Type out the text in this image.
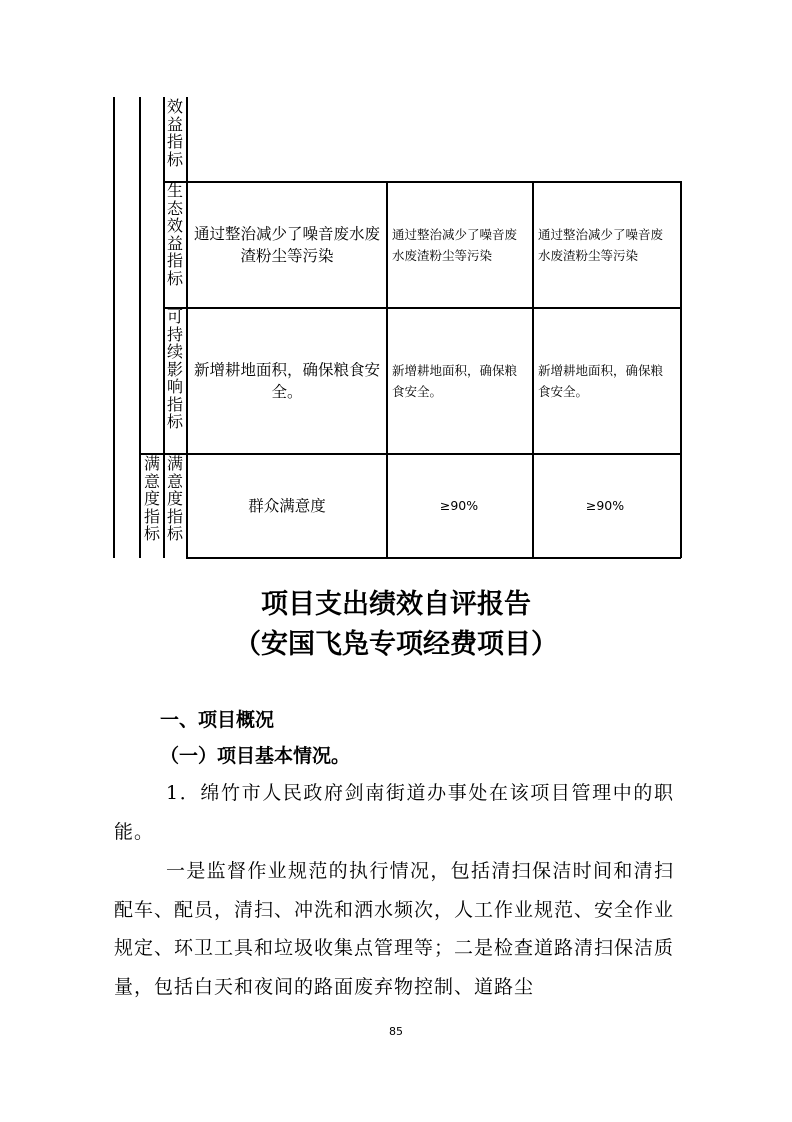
效益指标
生态效益指标
通过整治减少了噪音废水废渣粉尘等污染
通过整治减少了噪音废水废渣粉尘等污染
通过整治减少了噪音废水废渣粉尘等污染
可持续影响指标
新增耕地面积，确保粮食安全。
新增耕地面积，确保粮食安全。
新增耕地面积，确保粮食安全。
满意度指标
满意度指标
群众满意度	≥90%	≥90%
项目支出绩效自评报告
（安国飞凫专项经费项目）
一、项目概况
（一）项目基本情况。
1．绵竹市人民政府剑南街道办事处在该项目管理中的职能。
一是监督作业规范的执行情况，包括清扫保洁时间和清扫配车、配员，清扫、冲洗和洒水频次，人工作业规范、安全作业规定、环卫工具和垃圾收集点管理等；二是检查道路清扫保洁质量，包括白天和夜间的路面废弃物控制、道路尘
85
